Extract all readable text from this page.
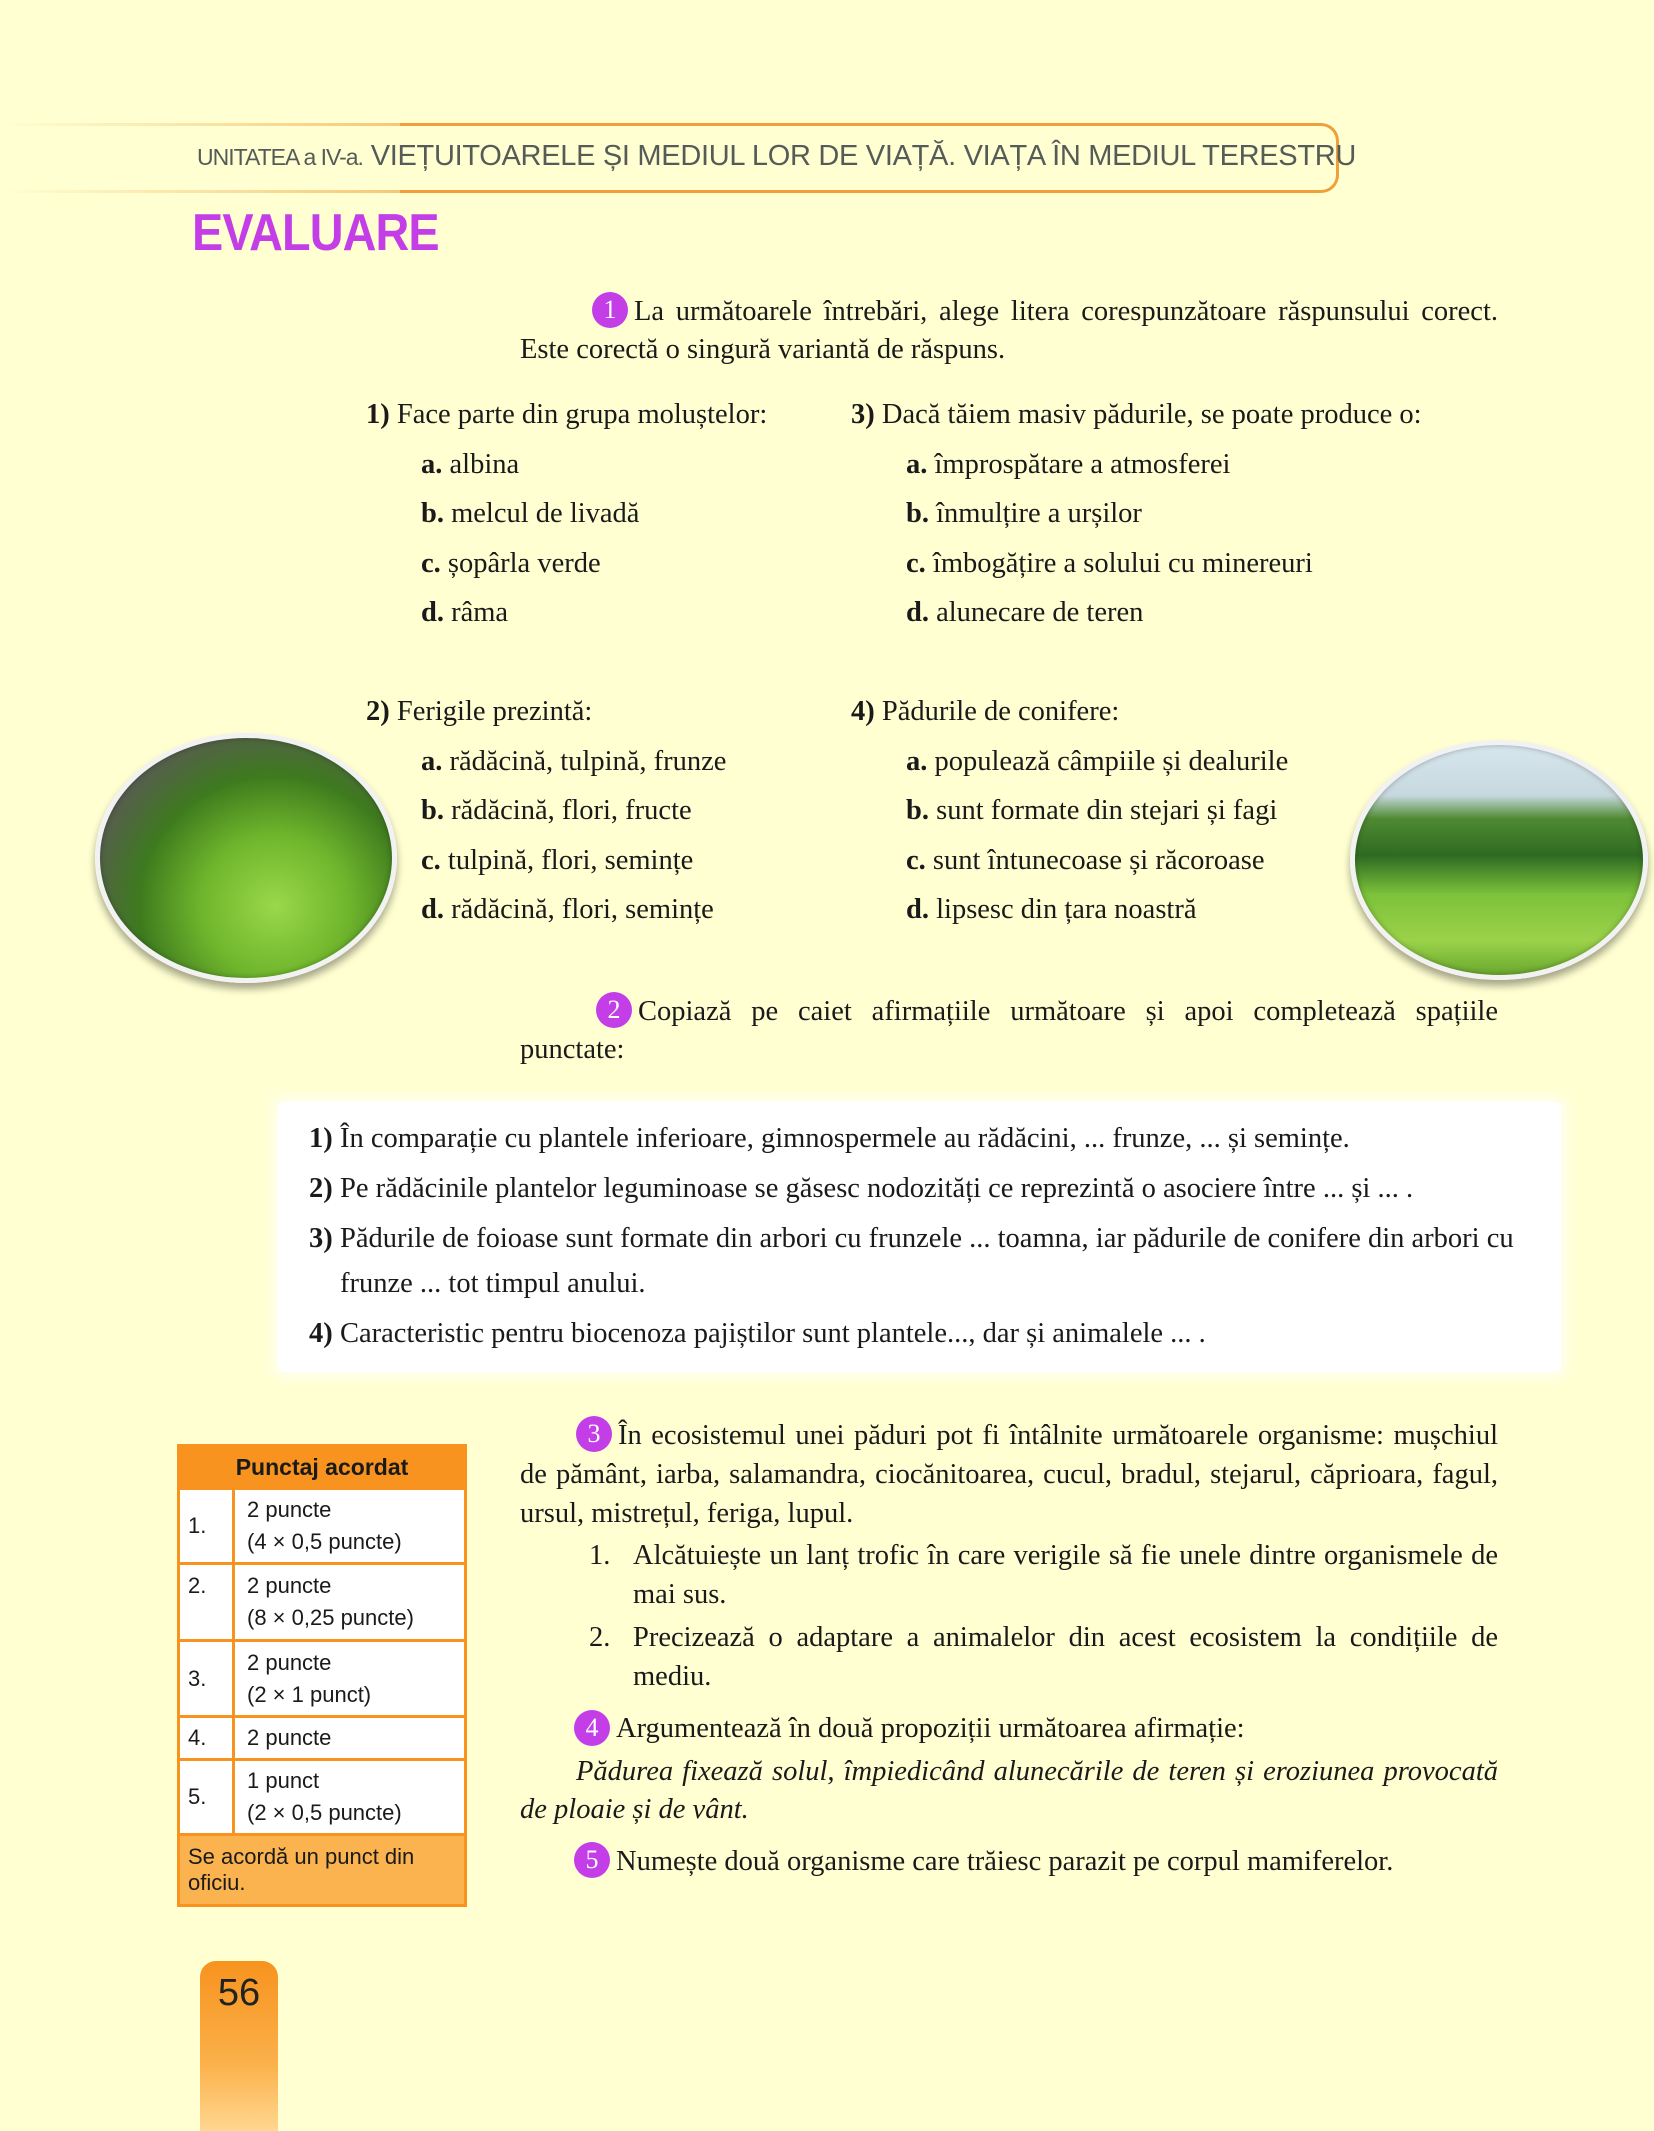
UNITATEA a IV-a. VIEȚUITOARELE ȘI MEDIUL LOR DE VIAȚĂ. VIAȚA ÎN MEDIUL TERESTRU
EVALUARE
1 La următoarele întrebări, alege litera corespunzătoare răspunsului corect. Este corectă o singură variantă de răspuns.
1) Face parte din grupa moluștelor:
a. albina
b. melcul de livadă
c. șopârla verde
d. râma
3) Dacă tăiem masiv pădurile, se poate produce o:
a. împrospătare a atmosferei
b. înmulțire a urșilor
c. îmbogățire a solului cu minereuri
d. alunecare de teren
2) Ferigile prezintă:
a. rădăcină, tulpină, frunze
b. rădăcină, flori, fructe
c. tulpină, flori, semințe
d. rădăcină, flori, semințe
4) Pădurile de conifere:
a. populează câmpiile și dealurile
b. sunt formate din stejari și fagi
c. sunt întunecoase și răcoroase
d. lipsesc din țara noastră
2 Copiază pe caiet afirmațiile următoare și apoi completează spațiile punctate:
1) În comparație cu plantele inferioare, gimnospermele au rădăcini, ... frunze, ... și semințe.
2) Pe rădăcinile plantelor leguminoase se găsesc nodozități ce reprezintă o asociere între ... și ... .
3) Pădurile de foioase sunt formate din arbori cu frunzele ... toamna, iar pădurile de conifere din arbori cu frunze ... tot timpul anului.
4) Caracteristic pentru biocenoza pajiștilor sunt plantele..., dar și animalele ... .
Punctaj acordat	
1.	2 puncte
(4 × 0,5 puncte)
2.	2 puncte
(8 × 0,25 puncte)
3.	2 puncte
(2 × 1 punct)
4.	2 puncte
5.	1 punct
(2 × 0,5 puncte)
Se acordă un punct din oficiu.	
3 În ecosistemul unei păduri pot fi întâlnite următoarele organisme: mușchiul de pământ, iarba, salamandra, ciocănitoarea, cucul, bradul, stejarul, căprioara, fagul, ursul, mistrețul, feriga, lupul.
1. Alcătuiește un lanț trofic în care verigile să fie unele dintre organismele de mai sus.
2. Precizează o adaptare a animalelor din acest ecosistem la condițiile de mediu.
4 Argumentează în două propoziții următoarea afirmație:
Pădurea fixează solul, împiedicând alunecările de teren și eroziunea provocată de ploaie și de vânt.
5 Numește două organisme care trăiesc parazit pe corpul mamiferelor.
56
